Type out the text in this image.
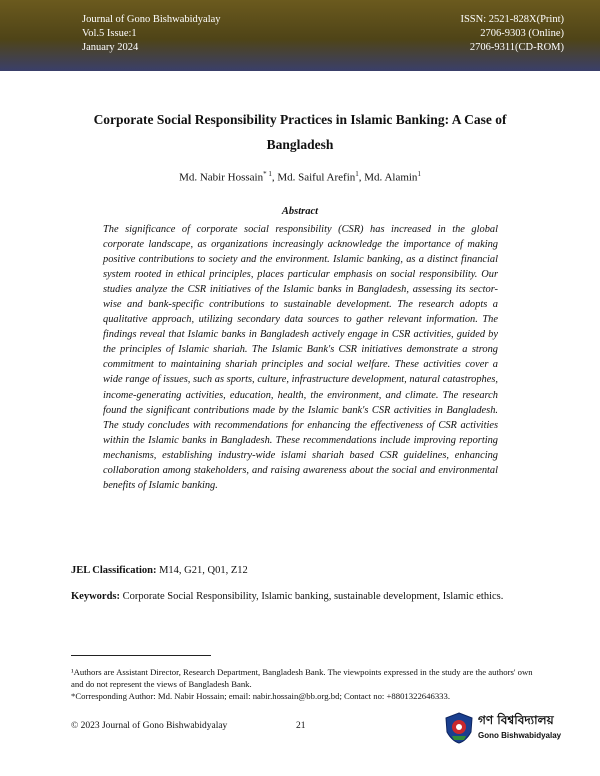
Journal of Gono Bishwabidyalay
Vol.5 Issue:1
January 2024
ISSN: 2521-828X(Print)
2706-9303 (Online)
2706-9311(CD-ROM)
Corporate Social Responsibility Practices in Islamic Banking: A Case of Bangladesh
Md. Nabir Hossain$^{* 1}$, Md. Saiful Arefin$^1$, Md. Alamin$^1$
Abstract
The significance of corporate social responsibility (CSR) has increased in the global corporate landscape, as organizations increasingly acknowledge the importance of making positive contributions to society and the environment. Islamic banking, as a distinct financial system rooted in ethical principles, places particular emphasis on social responsibility. Our studies analyze the CSR initiatives of the Islamic banks in Bangladesh, assessing its sector-wise and bank-specific contributions to sustainable development. The research adopts a qualitative approach, utilizing secondary data sources to gather relevant information. The findings reveal that Islamic banks in Bangladesh actively engage in CSR activities, guided by the principles of Islamic shariah. The Islamic Bank's CSR initiatives demonstrate a strong commitment to maintaining shariah principles and social welfare. These activities cover a wide range of issues, such as sports, culture, infrastructure development, natural catastrophes, income-generating activities, education, health, the environment, and climate. The research found the significant contributions made by the Islamic bank's CSR activities in Bangladesh. The study concludes with recommendations for enhancing the effectiveness of CSR activities within the Islamic banks in Bangladesh. These recommendations include improving reporting mechanisms, establishing industry-wide islami shariah based CSR guidelines, enhancing collaboration among stakeholders, and raising awareness about the social and environmental benefits of Islamic banking.
JEL Classification: M14, G21, Q01, Z12
Keywords: Corporate Social Responsibility, Islamic banking, sustainable development, Islamic ethics.

¹Authors are Assistant Director, Research Department, Bangladesh Bank. The viewpoints expressed in the study are the authors' own and do not represent the views of Bangladesh Bank.

*Corresponding Author: Md. Nabir Hossain; email: nabir.hossain@bb.org.bd; Contact no: +8801322646333.

© 2023 Journal of Gono Bishwabidyalay	21	গণ বিশ্ববিদ্যালয়
Gono Bishwabidyalay
